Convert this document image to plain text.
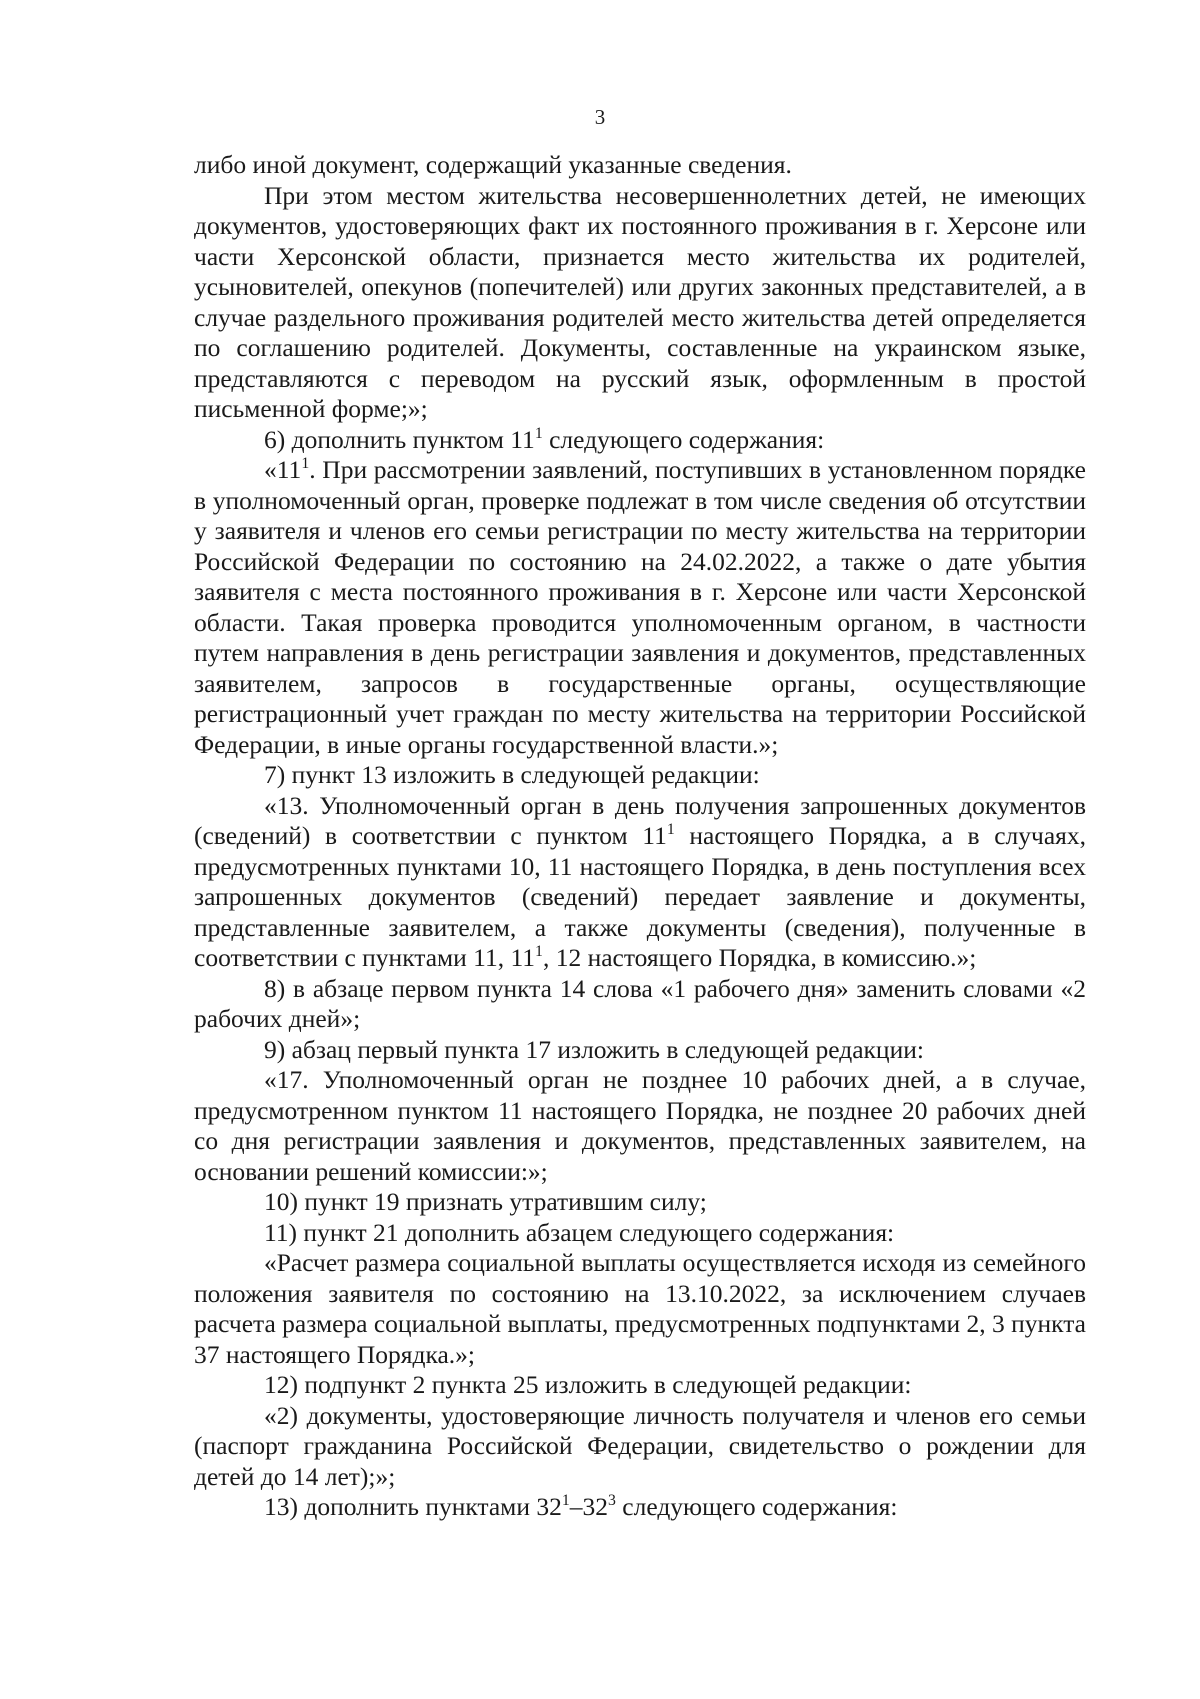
3

либо иной документ, содержащий указанные сведения.

При этом местом жительства несовершеннолетних детей, не имеющих документов, удостоверяющих факт их постоянного проживания в г. Херсоне или части Херсонской области, признается место жительства их родителей, усыновителей, опекунов (попечителей) или других законных представителей, а в случае раздельного проживания родителей место жительства детей определяется по соглашению родителей. Документы, составленные на украинском языке, представляются с переводом на русский язык, оформленным в простой письменной форме;»;

6) дополнить пунктом $11^1$ следующего содержания:

«$11^1$. При рассмотрении заявлений, поступивших в установленном порядке в уполномоченный орган, проверке подлежат в том числе сведения об отсутствии у заявителя и членов его семьи регистрации по месту жительства на территории Российской Федерации по состоянию на 24.02.2022, а также о дате убытия заявителя с места постоянного проживания в г. Херсоне или части Херсонской области. Такая проверка проводится уполномоченным органом, в частности путем направления в день регистрации заявления и документов, представленных заявителем, запросов в государственные органы, осуществляющие регистрационный учет граждан по месту жительства на территории Российской Федерации, в иные органы государственной власти.»;

7) пункт 13 изложить в следующей редакции:

«13. Уполномоченный орган в день получения запрошенных документов (сведений) в соответствии с пунктом $11^1$ настоящего Порядка, а в случаях, предусмотренных пунктами 10, 11 настоящего Порядка, в день поступления всех запрошенных документов (сведений) передает заявление и документы, представленные заявителем, а также документы (сведения), полученные в соответствии с пунктами 11, $11^1$, 12 настоящего Порядка, в комиссию.»;

8) в абзаце первом пункта 14 слова «1 рабочего дня» заменить словами «2 рабочих дней»;

9) абзац первый пункта 17 изложить в следующей редакции:

«17. Уполномоченный орган не позднее 10 рабочих дней, а в случае, предусмотренном пунктом 11 настоящего Порядка, не позднее 20 рабочих дней со дня регистрации заявления и документов, представленных заявителем, на основании решений комиссии:»;

10) пункт 19 признать утратившим силу;

11) пункт 21 дополнить абзацем следующего содержания:

«Расчет размера социальной выплаты осуществляется исходя из семейного положения заявителя по состоянию на 13.10.2022, за исключением случаев расчета размера социальной выплаты, предусмотренных подпунктами 2, 3 пункта 37 настоящего Порядка.»;

12) подпункт 2 пункта 25 изложить в следующей редакции:

«2) документы, удостоверяющие личность получателя и членов его семьи (паспорт гражданина Российской Федерации, свидетельство о рождении для детей до 14 лет);»;

13) дополнить пунктами $32^1-32^3$ следующего содержания:
